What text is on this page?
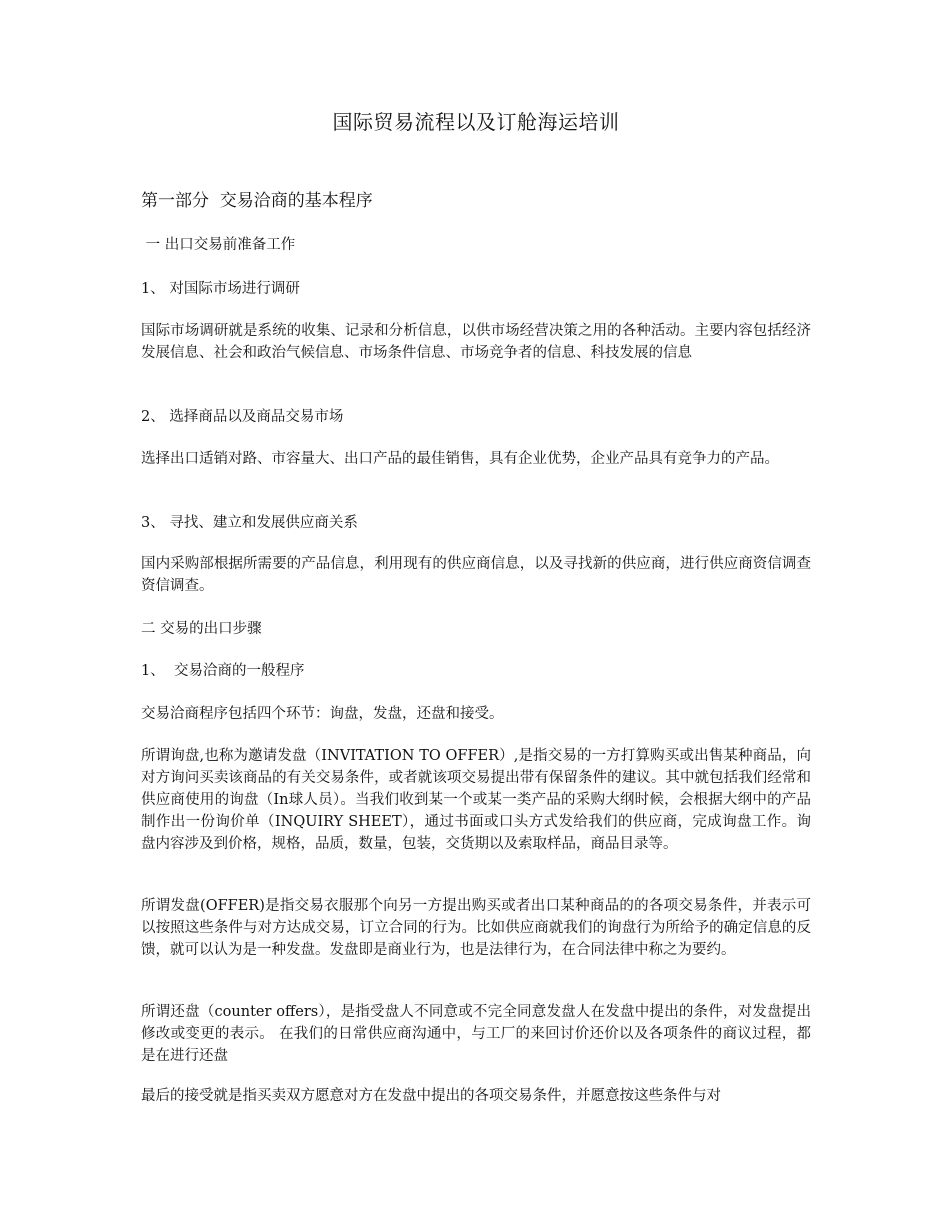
国际贸易流程以及订舱海运培训
第一部分  交易洽商的基本程序
一 出口交易前准备工作
1、 对国际市场进行调研
国际市场调研就是系统的收集、记录和分析信息，以供市场经营决策之用的各种活动。主要内容包括经济发展信息、社会和政治气候信息、市场条件信息、市场竞争者的信息、科技发展的信息
2、 选择商品以及商品交易市场
选择出口适销对路、市容量大、出口产品的最佳销售，具有企业优势，企业产品具有竞争力的产品。
3、 寻找、建立和发展供应商关系
国内采购部根据所需要的产品信息，利用现有的供应商信息，以及寻找新的供应商，进行供应商资信调查资信调查。
二 交易的出口步骤
1、  交易洽商的一般程序
交易洽商程序包括四个环节：询盘，发盘，还盘和接受。
所谓询盘,也称为邀请发盘（INVITATION TO OFFER）,是指交易的一方打算购买或出售某种商品，向对方询问买卖该商品的有关交易条件，或者就该项交易提出带有保留条件的建议。其中就包括我们经常和供应商使用的询盘（In球人员）。当我们收到某一个或某一类产品的采购大纲时候，会根据大纲中的产品制作出一份询价单（INQUIRY SHEET），通过书面或口头方式发给我们的供应商，完成询盘工作。询盘内容涉及到价格，规格，品质，数量，包装，交货期以及索取样品，商品目录等。
所谓发盘(OFFER)是指交易衣服那个向另一方提出购买或者出口某种商品的的各项交易条件，并表示可以按照这些条件与对方达成交易，订立合同的行为。比如供应商就我们的询盘行为所给予的确定信息的反馈，就可以认为是一种发盘。发盘即是商业行为，也是法律行为，在合同法律中称之为要约。
所谓还盘（counter offers），是指受盘人不同意或不完全同意发盘人在发盘中提出的条件，对发盘提出修改或变更的表示。 在我们的日常供应商沟通中，与工厂的来回讨价还价以及各项条件的商议过程，都是在进行还盘
最后的接受就是指买卖双方愿意对方在发盘中提出的各项交易条件，并愿意按这些条件与对
